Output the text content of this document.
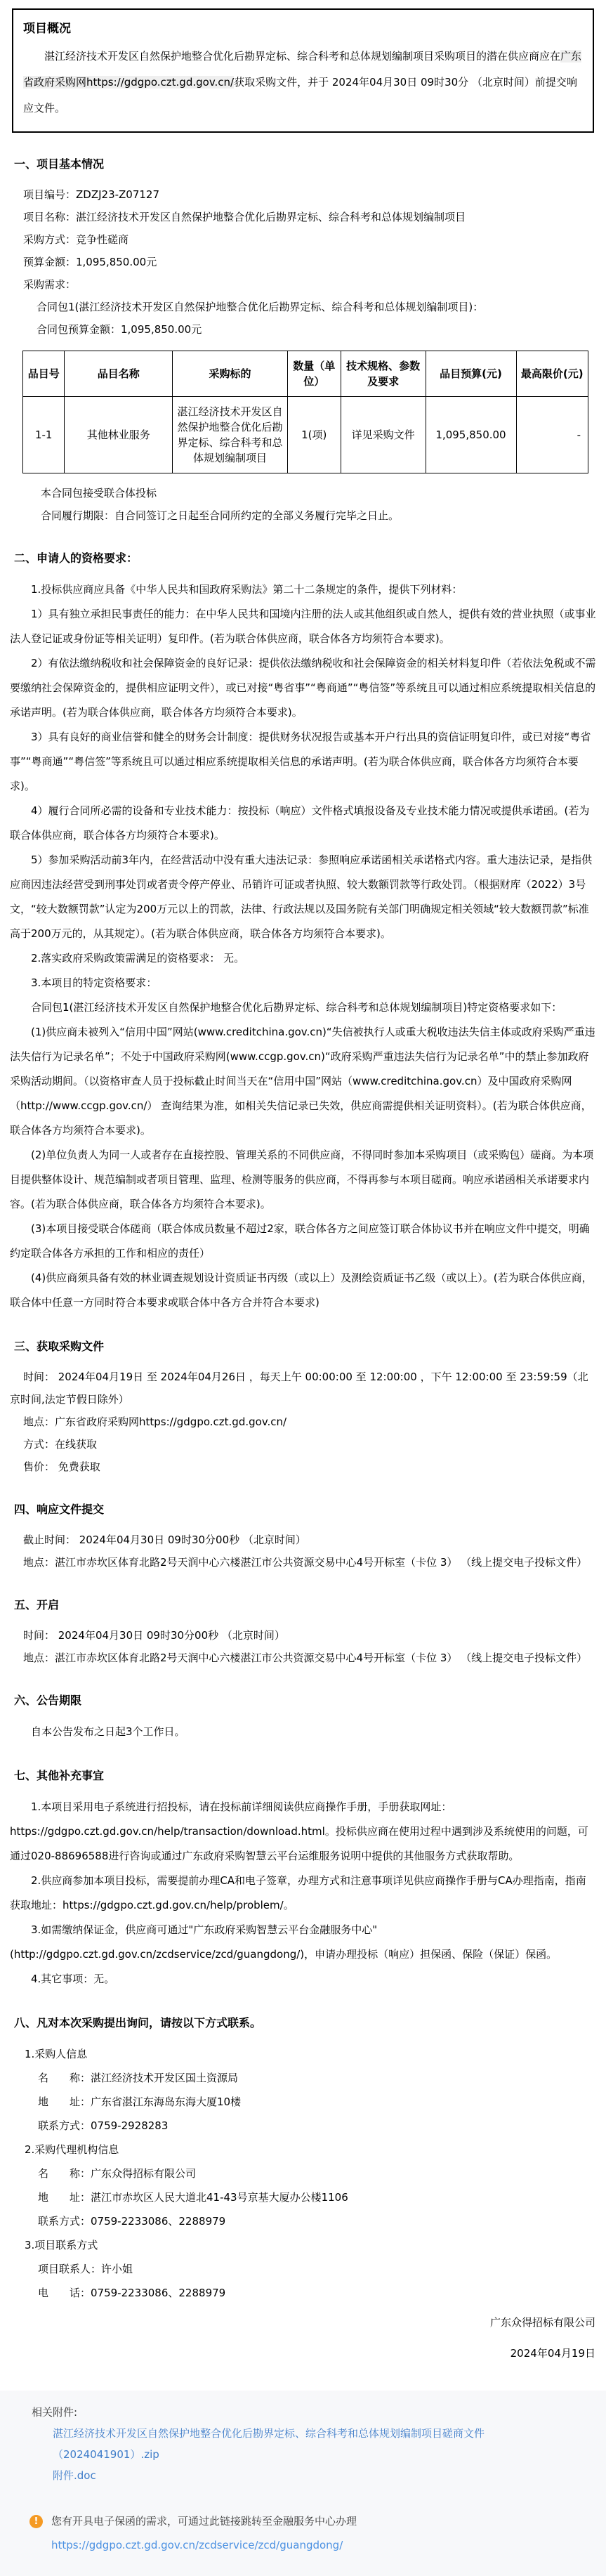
项目概况

湛江经济技术开发区自然保护地整合优化后勘界定标、综合科考和总体规划编制项目采购项目的潜在供应商应在广东省政府采购网https://gdgpo.czt.gd.gov.cn/获取采购文件，并于 2024年04月30日 09时30分 （北京时间）前提交响应文件。

一、项目基本情况

项目编号：ZDZJ23-Z07127

项目名称：湛江经济技术开发区自然保护地整合优化后勘界定标、综合科考和总体规划编制项目

采购方式：竞争性磋商

预算金额：1,095,850.00元

采购需求：

合同包1(湛江经济技术开发区自然保护地整合优化后勘界定标、综合科考和总体规划编制项目)：

合同包预算金额：1,095,850.00元

品目号	品目名称	采购标的	数量（单位）	技术规格、参数及要求	品目预算(元)	最高限价(元)
1-1	其他林业服务	湛江经济技术开发区自然保护地整合优化后勘界定标、综合科考和总体规划编制项目	1(项)	详见采购文件	1,095,850.00	-

本合同包接受联合体投标

合同履行期限：自合同签订之日起至合同所约定的全部义务履行完毕之日止。

二、申请人的资格要求：

1.投标供应商应具备《中华人民共和国政府采购法》第二十二条规定的条件，提供下列材料：

1）具有独立承担民事责任的能力：在中华人民共和国境内注册的法人或其他组织或自然人，提供有效的营业执照（或事业法人登记证或身份证等相关证明）复印件。(若为联合体供应商，联合体各方均须符合本要求)。

2）有依法缴纳税收和社会保障资金的良好记录：提供依法缴纳税收和社会保障资金的相关材料复印件（若依法免税或不需要缴纳社会保障资金的，提供相应证明文件），或已对接“粤省事”“粤商通”“粤信签”等系统且可以通过相应系统提取相关信息的承诺声明。(若为联合体供应商，联合体各方均须符合本要求)。

3）具有良好的商业信誉和健全的财务会计制度：提供财务状况报告或基本开户行出具的资信证明复印件，或已对接“粤省事”“粤商通”“粤信签”等系统且可以通过相应系统提取相关信息的承诺声明。(若为联合体供应商，联合体各方均须符合本要求)。

4）履行合同所必需的设备和专业技术能力：按投标（响应）文件格式填报设备及专业技术能力情况或提供承诺函。(若为联合体供应商，联合体各方均须符合本要求)。

5）参加采购活动前3年内，在经营活动中没有重大违法记录：参照响应承诺函相关承诺格式内容。重大违法记录，是指供应商因违法经营受到刑事处罚或者责令停产停业、吊销许可证或者执照、较大数额罚款等行政处罚。（根据财库（2022）3号文，“较大数额罚款”认定为200万元以上的罚款，法律、行政法规以及国务院有关部门明确规定相关领域“较大数额罚款”标准高于200万元的，从其规定）。(若为联合体供应商，联合体各方均须符合本要求)。

2.落实政府采购政策需满足的资格要求： 无。

3.本项目的特定资格要求：

合同包1(湛江经济技术开发区自然保护地整合优化后勘界定标、综合科考和总体规划编制项目)特定资格要求如下：

(1)供应商未被列入“信用中国”网站(www.creditchina.gov.cn)“失信被执行人或重大税收违法失信主体或政府采购严重违法失信行为记录名单”；不处于中国政府采购网(www.ccgp.gov.cn)“政府采购严重违法失信行为记录名单”中的禁止参加政府采购活动期间。（以资格审查人员于投标截止时间当天在“信用中国”网站（www.creditchina.gov.cn）及中国政府采购网 （http://www.ccgp.gov.cn/） 查询结果为准，如相关失信记录已失效，供应商需提供相关证明资料）。(若为联合体供应商，联合体各方均须符合本要求)。

(2)单位负责人为同一人或者存在直接控股、管理关系的不同供应商，不得同时参加本采购项目（或采购包）磋商。为本项目提供整体设计、规范编制或者项目管理、监理、检测等服务的供应商，不得再参与本项目磋商。响应承诺函相关承诺要求内容。(若为联合体供应商，联合体各方均须符合本要求)。

(3)本项目接受联合体磋商（联合体成员数量不超过2家，联合体各方之间应签订联合体协议书并在响应文件中提交，明确约定联合体各方承担的工作和相应的责任）

(4)供应商须具备有效的林业调查规划设计资质证书丙级（或以上）及测绘资质证书乙级（或以上）。(若为联合体供应商，联合体中任意一方同时符合本要求或联合体中各方合并符合本要求)

三、获取采购文件

时间： 2024年04月19日 至 2024年04月26日 ，每天上午 00:00:00 至 12:00:00 ，下午 12:00:00 至 23:59:59（北京时间,法定节假日除外）

地点：广东省政府采购网https://gdgpo.czt.gd.gov.cn/

方式：在线获取

售价： 免费获取

四、响应文件提交

截止时间： 2024年04月30日 09时30分00秒 （北京时间）

地点：湛江市赤坎区体育北路2号天润中心六楼湛江市公共资源交易中心4号开标室（卡位 3） （线上提交电子投标文件）

五、开启

时间： 2024年04月30日 09时30分00秒 （北京时间）

地点：湛江市赤坎区体育北路2号天润中心六楼湛江市公共资源交易中心4号开标室（卡位 3） （线上提交电子投标文件）

六、公告期限

自本公告发布之日起3个工作日。

七、其他补充事宜

1.本项目采用电子系统进行招投标，请在投标前详细阅读供应商操作手册，手册获取网址：https://gdgpo.czt.gd.gov.cn/help/transaction/download.html。投标供应商在使用过程中遇到涉及系统使用的问题，可通过020-88696588进行咨询或通过广东政府采购智慧云平台运维服务说明中提供的其他服务方式获取帮助。

2.供应商参加本项目投标，需要提前办理CA和电子签章，办理方式和注意事项详见供应商操作手册与CA办理指南，指南获取地址：https://gdgpo.czt.gd.gov.cn/help/problem/。

3.如需缴纳保证金，供应商可通过"广东政府采购智慧云平台金融服务中心"(http://gdgpo.czt.gd.gov.cn/zcdservice/zcd/guangdong/)，申请办理投标（响应）担保函、保险（保证）保函。

4.其它事项：无。

八、凡对本次采购提出询问，请按以下方式联系。

1.采购人信息

名　　称：湛江经济技术开发区国土资源局

地　　址：广东省湛江东海岛东海大厦10楼

联系方式：0759-2928283

2.采购代理机构信息

名　　称：广东众得招标有限公司

地　　址：湛江市赤坎区人民大道北41-43号京基大厦办公楼1106

联系方式：0759-2233086、2288979

3.项目联系方式

项目联系人：许小姐

电　　话：0759-2233086、2288979

广东众得招标有限公司

2024年04月19日

相关附件:

湛江经济技术开发区自然保护地整合优化后勘界定标、综合科考和总体规划编制项目磋商文件（2024041901）.zip
附件.doc
!	您有开具电子保函的需求，可通过此链接跳转至金融服务中心办理
https://gdgpo.czt.gd.gov.cn/zcdservice/zcd/guangdong/
